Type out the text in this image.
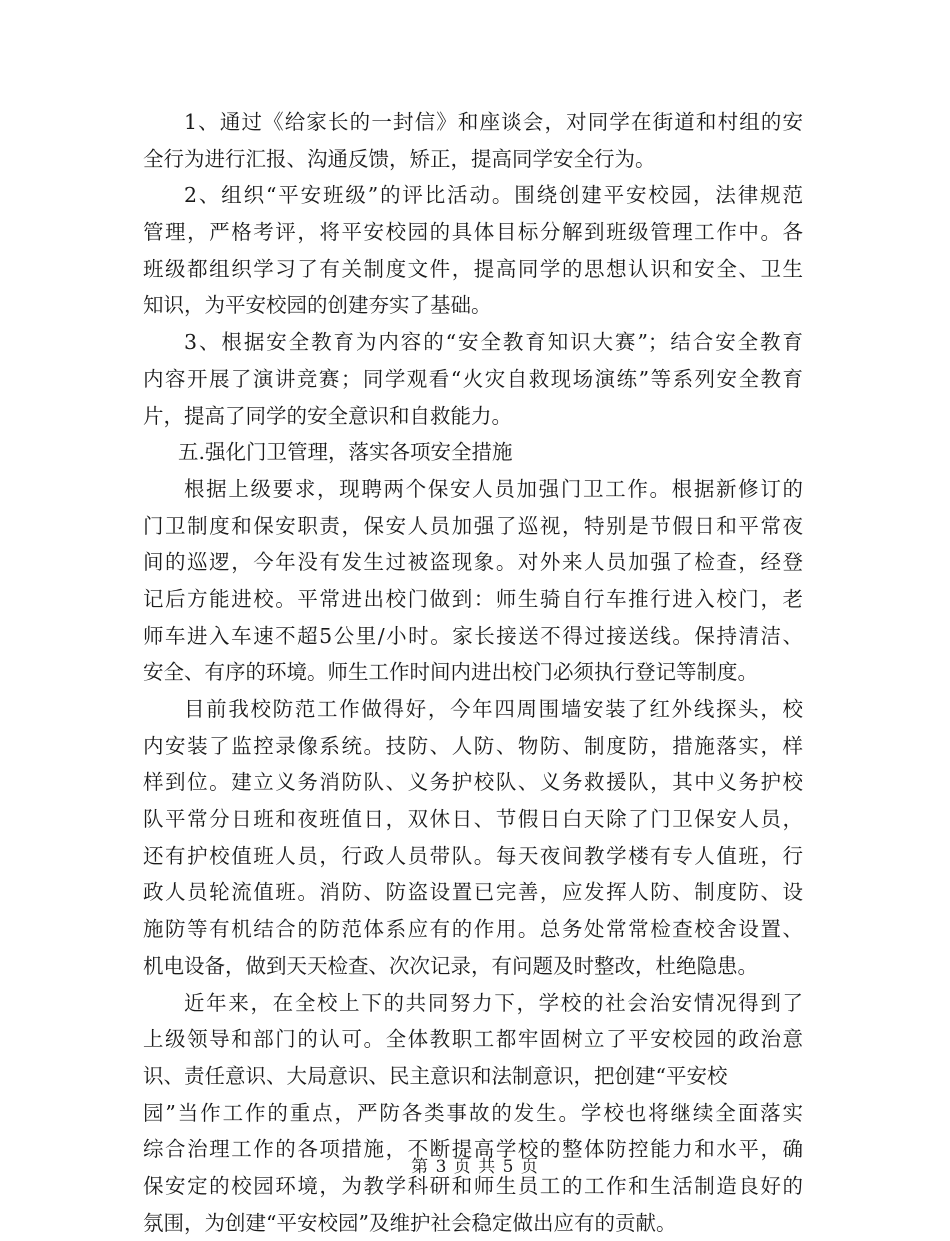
1、通过《给家长的一封信》和座谈会，对同学在街道和村组的安
全行为进行汇报、沟通反馈，矫正，提高同学安全行为。
2、组织“平安班级”的评比活动。围绕创建平安校园，法律规范
管理，严格考评，将平安校园的具体目标分解到班级管理工作中。各
班级都组织学习了有关制度文件，提高同学的思想认识和安全、卫生
知识，为平安校园的创建夯实了基础。
3、根据安全教育为内容的“安全教育知识大赛”；结合安全教育
内容开展了演讲竞赛；同学观看“火灾自救现场演练”等系列安全教育
片，提高了同学的安全意识和自救能力。
五.强化门卫管理，落实各项安全措施
根据上级要求，现聘两个保安人员加强门卫工作。根据新修订的
门卫制度和保安职责，保安人员加强了巡视，特别是节假日和平常夜
间的巡逻，今年没有发生过被盗现象。对外来人员加强了检查，经登
记后方能进校。平常进出校门做到：师生骑自行车推行进入校门，老
师车进入车速不超5公里/小时。家长接送不得过接送线。保持清洁、
安全、有序的环境。师生工作时间内进出校门必须执行登记等制度。
目前我校防范工作做得好，今年四周围墙安装了红外线探头，校
内安装了监控录像系统。技防、人防、物防、制度防，措施落实，样
样到位。建立义务消防队、义务护校队、义务救援队，其中义务护校
队平常分日班和夜班值日，双休日、节假日白天除了门卫保安人员，
还有护校值班人员，行政人员带队。每天夜间教学楼有专人值班，行
政人员轮流值班。消防、防盗设置已完善，应发挥人防、制度防、设
施防等有机结合的防范体系应有的作用。总务处常常检查校舍设置、
机电设备，做到天天检查、次次记录，有问题及时整改，杜绝隐患。
近年来，在全校上下的共同努力下，学校的社会治安情况得到了
上级领导和部门的认可。全体教职工都牢固树立了平安校园的政治意
识、责任意识、大局意识、民主意识和法制意识，把创建“平安校
园”当作工作的重点，严防各类事故的发生。学校也将继续全面落实
综合治理工作的各项措施，不断提高学校的整体防控能力和水平，确
保安定的校园环境，为教学科研和师生员工的工作和生活制造良好的
氛围，为创建“平安校园”及维护社会稳定做出应有的贡献。
第 3 页 共 5 页
